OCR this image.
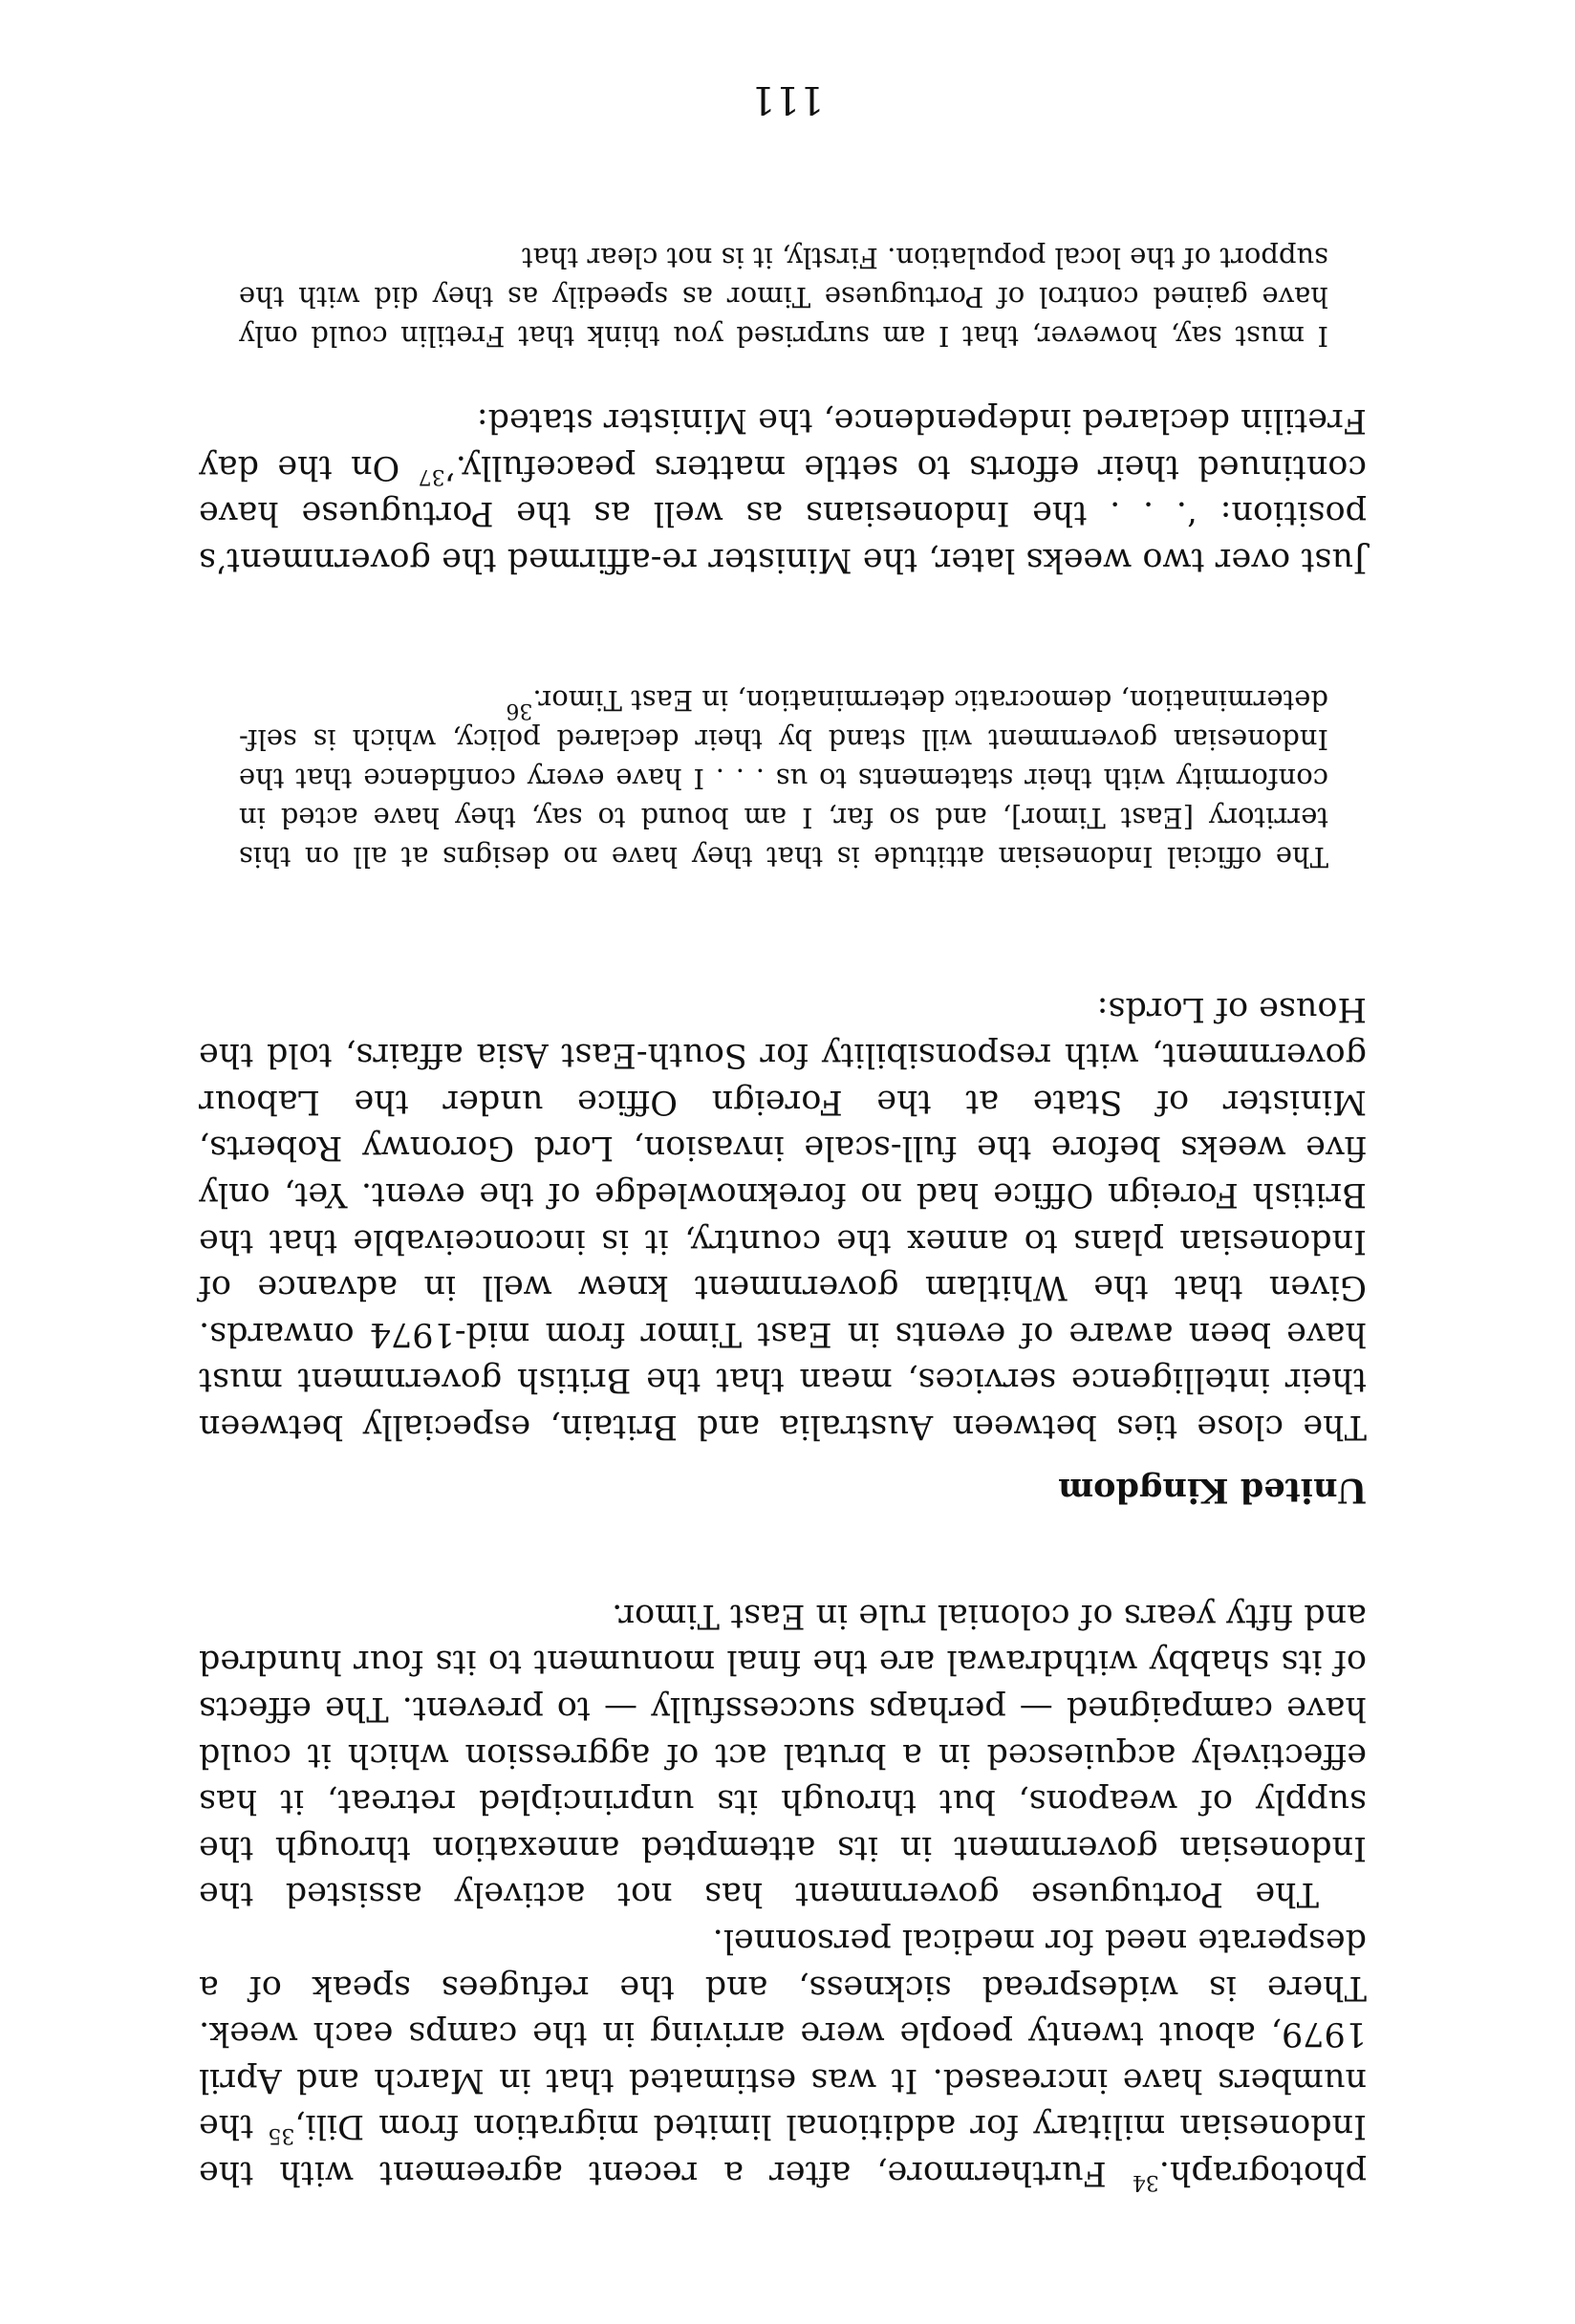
photograph.$^{34}$ Furthermore, after a recent agreement with the Indonesian military for additional limited migration from Dili,$^{35}$ the numbers have increased. It was estimated that in March and April 1979, about twenty people were arriving in the camps each week. There is widespread sickness, and the refugees speak of a desperate need for medical personnel.

The Portuguese government has not actively assisted the Indonesian government in its attempted annexation through the supply of weapons, but through its unprincipled retreat, it has effectively acquiesced in a brutal act of aggression which it could have campaigned — perhaps successfully — to prevent. The effects of its shabby withdrawal are the final monument to its four hundred and fifty years of colonial rule in East Timor.

United Kingdom

The close ties between Australia and Britain, especially between their intelligence services, mean that the British government must have been aware of events in East Timor from mid-1974 onwards. Given that the Whitlam government knew well in advance of Indonesian plans to annex the country, it is inconceivable that the British Foreign Office had no foreknowledge of the event. Yet, only five weeks before the full-scale invasion, Lord Goronwy Roberts, Minister of State at the Foreign Office under the Labour government, with responsibility for South-East Asia affairs, told the House of Lords:

The official Indonesian attitude is that they have no designs at all on this territory [East Timor], and so far, I am bound to say, they have acted in conformity with their statements to us . . . I have every confidence that the Indonesian government will stand by their declared policy, which is self-determination, democratic determination, in East Timor.$^{36}$

Just over two weeks later, the Minister re-affirmed the government’s position: ‘. . . the Indonesians as well as the Portuguese have continued their efforts to settle matters peacefully.’$^{37}$ On the day Fretilin declared independence, the Minister stated:

I must say, however, that I am surprised you think that Fretilin could only have gained control of Portuguese Timor as speedily as they did with the support of the local population. Firstly, it is not clear that

111
